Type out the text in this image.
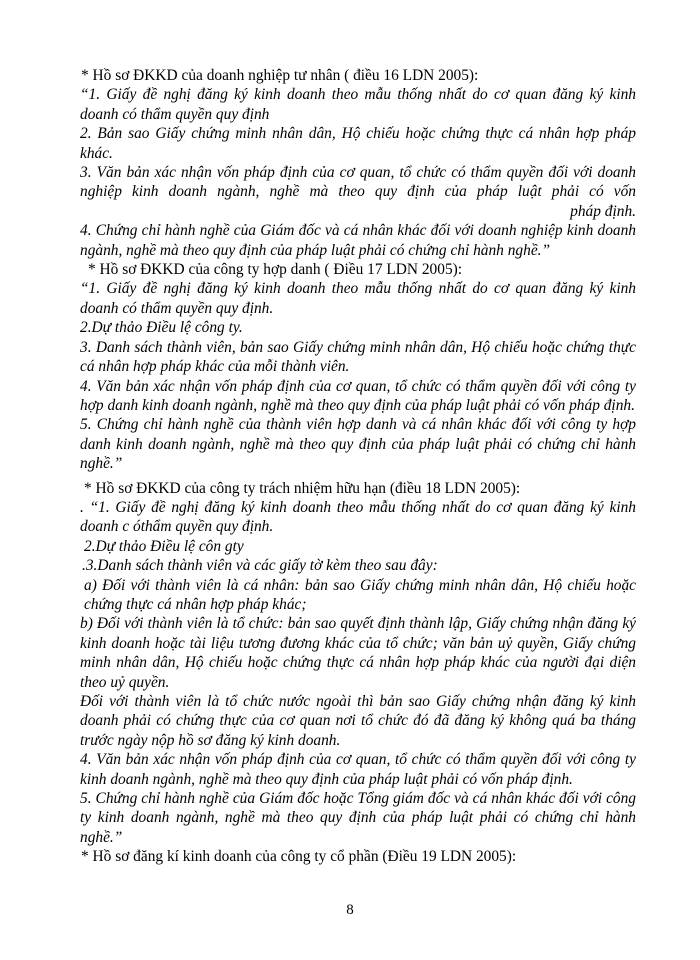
* Hồ sơ ĐKKD của doanh nghiệp tư nhân ( điều 16 LDN 2005):

“1. Giấy đề nghị đăng ký kinh doanh theo mẫu thống nhất do cơ quan đăng ký kinh doanh có thẩm quyền quy định

2. Bản sao Giấy chứng minh nhân dân, Hộ chiếu hoặc chứng thực cá nhân hợp pháp khác.

3. Văn bản xác nhận vốn pháp định của cơ quan, tổ chức có thẩm quyền đối với doanh nghiệp kinh doanh ngành, nghề mà theo quy định của pháp luật phải có vốn

pháp định.

4. Chứng chỉ hành nghề của Giám đốc và cá nhân khác đối với doanh nghiệp kinh doanh ngành, nghề mà theo quy định của pháp luật phải có chứng chỉ hành nghề.”

* Hồ sơ ĐKKD của công ty hợp danh ( Điều 17 LDN 2005):

“1. Giấy đề nghị đăng ký kinh doanh theo mẫu thống nhất do cơ quan đăng ký kinh doanh có thẩm quyền quy định.

2.Dự thảo Điều lệ công ty.

3. Danh sách thành viên, bản sao Giấy chứng minh nhân dân, Hộ chiếu hoặc chứng thực cá nhân hợp pháp khác của mỗi thành viên.

4. Văn bản xác nhận vốn pháp định của cơ quan, tổ chức có thẩm quyền đối với công ty hợp danh kinh doanh ngành, nghề mà theo quy định của pháp luật phải có vốn pháp định.

5. Chứng chỉ hành nghề của thành viên hợp danh và cá nhân khác đối với công ty hợp danh kinh doanh ngành, nghề mà theo quy định của pháp luật phải có chứng chỉ hành nghề.”

* Hồ sơ ĐKKD của công ty trách nhiệm hữu hạn (điều 18 LDN 2005):

. “1. Giấy đề nghị đăng ký kinh doanh theo mẫu thống nhất do cơ quan đăng ký kinh doanh c óthẩm quyền quy định.

2.Dự thảo Điều lệ côn gty

.3.Danh sách thành viên và các giấy tờ kèm theo sau đây:

a) Đối với thành viên là cá nhân: bản sao Giấy chứng minh nhân dân, Hộ chiếu hoặc chứng thực cá nhân hợp pháp khác;

b) Đối với thành viên là tổ chức: bản sao quyết định thành lập, Giấy chứng nhận đăng ký kinh doanh hoặc tài liệu tương đương khác của tổ chức; văn bản uỷ quyền, Giấy chứng minh nhân dân, Hộ chiếu hoặc chứng thực cá nhân hợp pháp khác của người đại diện theo uỷ quyền.

Đối với thành viên là tổ chức nước ngoài thì bản sao Giấy chứng nhận đăng ký kinh doanh phải có chứng thực của cơ quan nơi tổ chức đó đã đăng ký không quá ba tháng trước ngày nộp hồ sơ đăng ký kinh doanh.

4. Văn bản xác nhận vốn pháp định của cơ quan, tổ chức có thẩm quyền đối với công ty kinh doanh ngành, nghề mà theo quy định của pháp luật phải có vốn pháp định.

5. Chứng chỉ hành nghề của Giám đốc hoặc Tổng giám đốc và cá nhân khác đối với công ty kinh doanh ngành, nghề mà theo quy định của pháp luật phải có chứng chỉ hành nghề.”

* Hồ sơ đăng kí kinh doanh của công ty cổ phần (Điều 19 LDN 2005):
8
